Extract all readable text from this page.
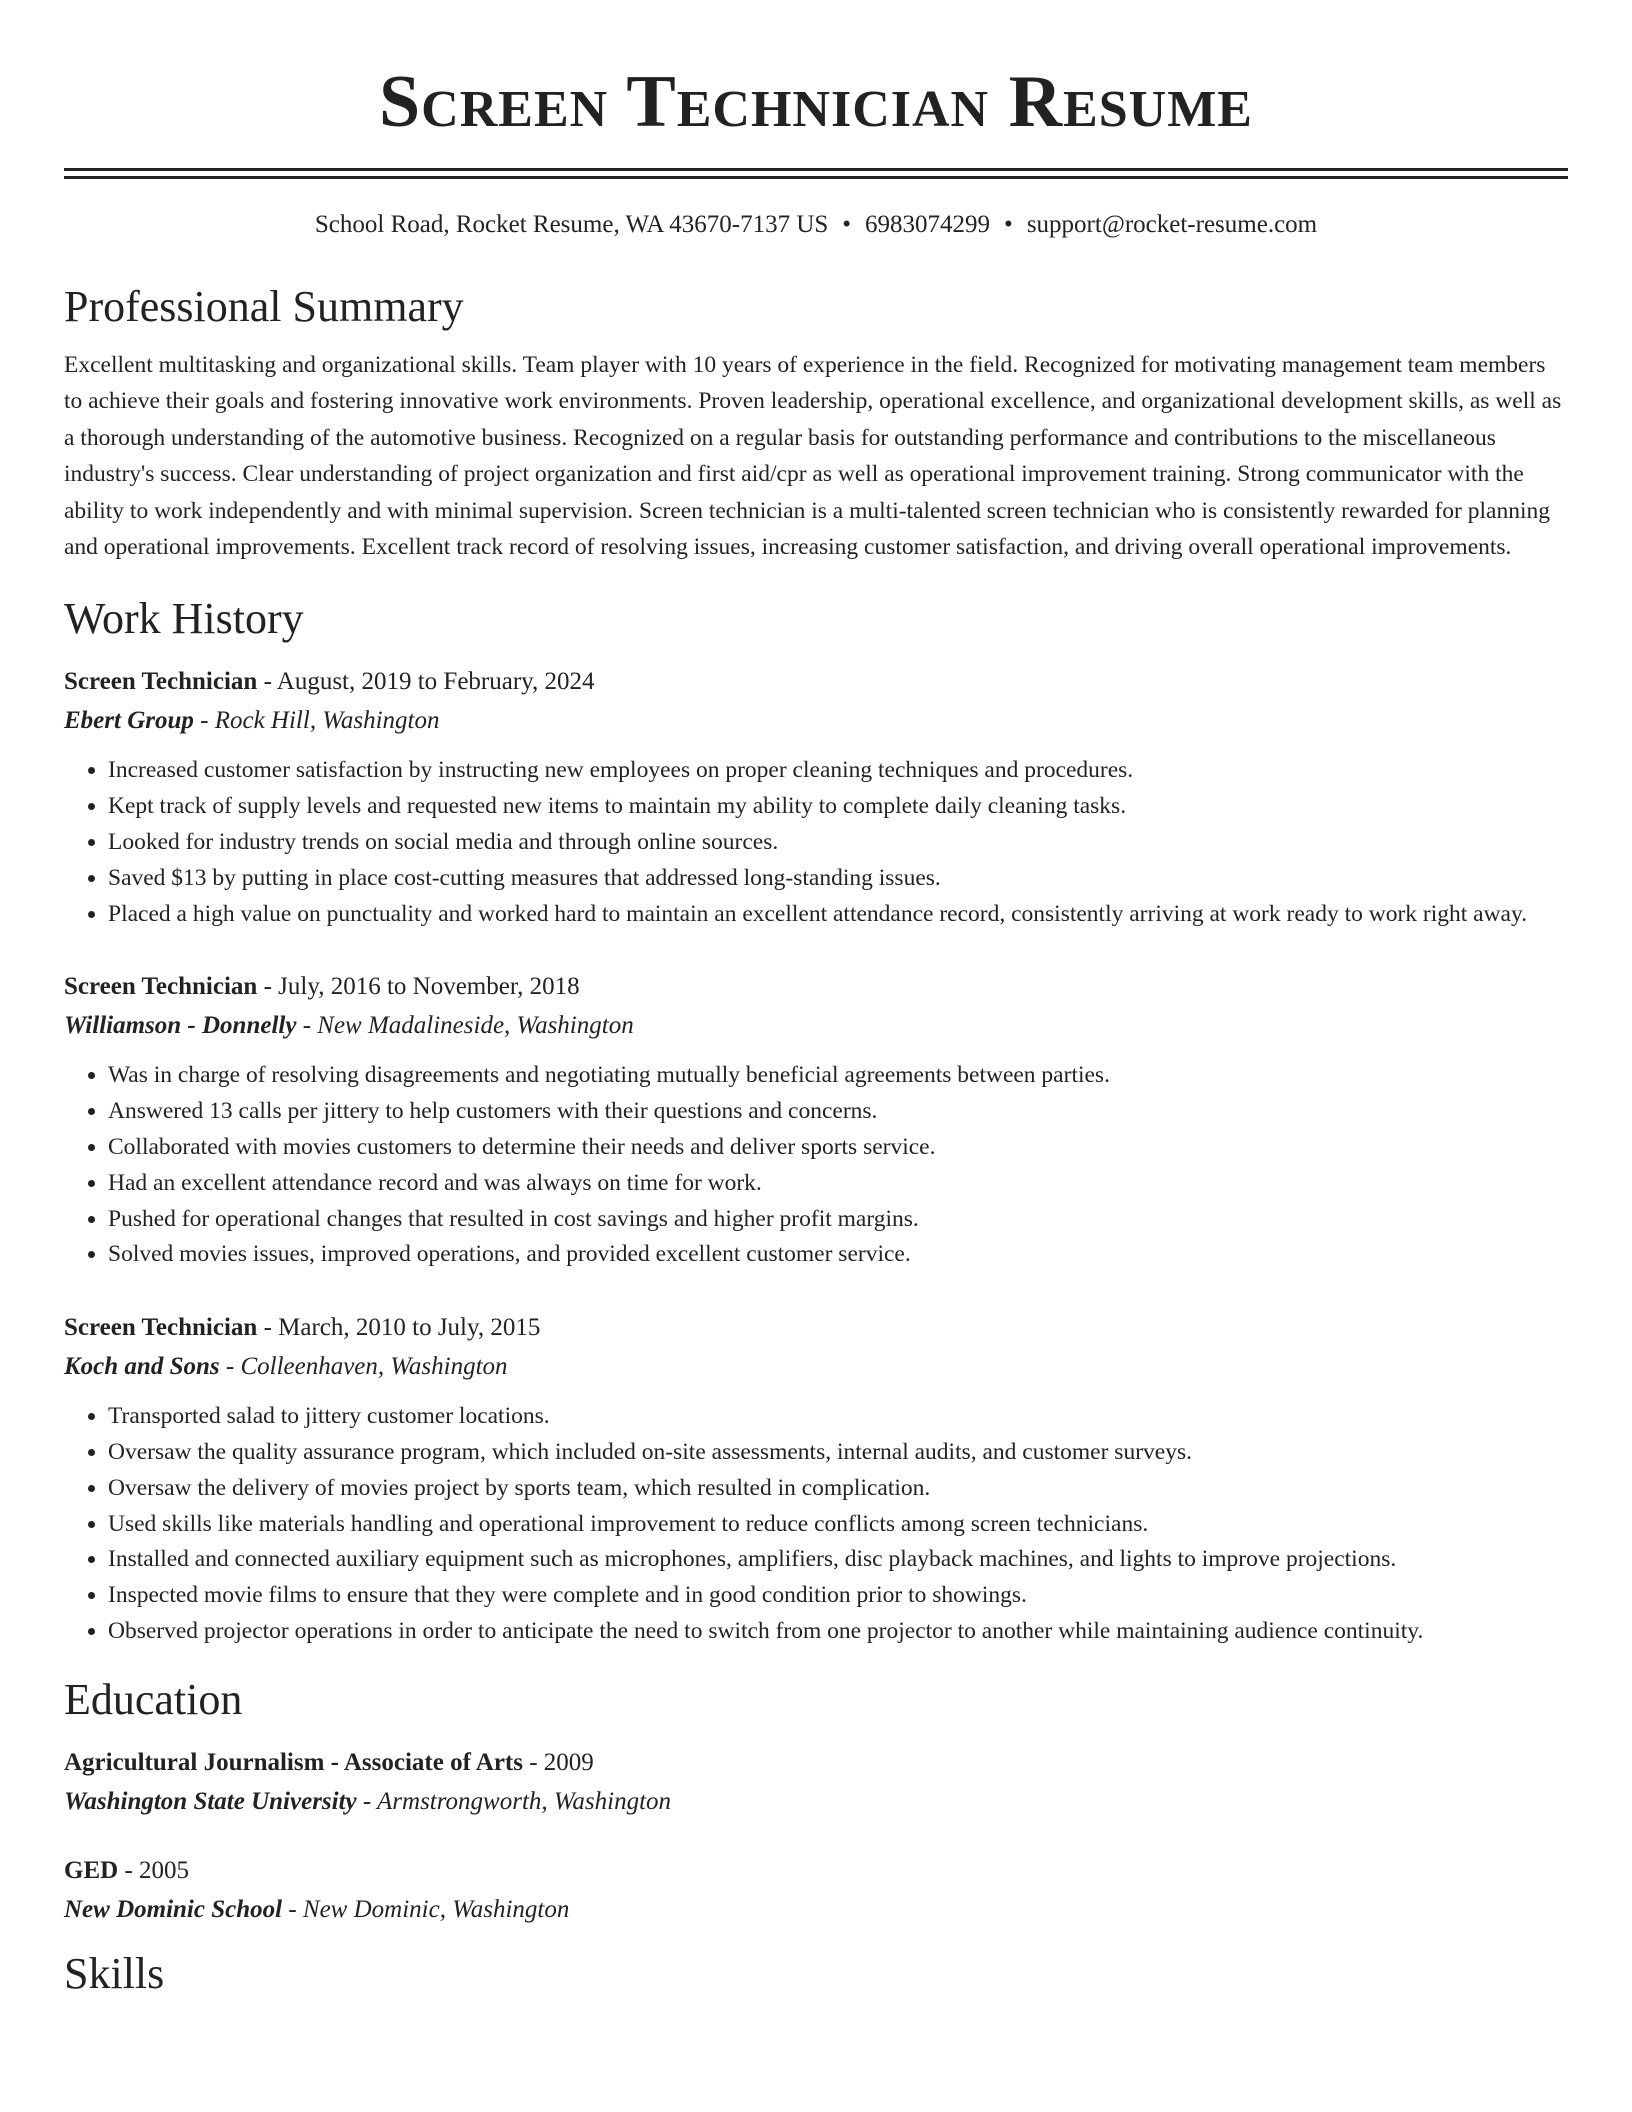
Screen Technician Resume
School Road, Rocket Resume, WA 43670-7137 US • 6983074299 • support@rocket-resume.com
Professional Summary

Excellent multitasking and organizational skills. Team player with 10 years of experience in the field. Recognized for motivating management team members to achieve their goals and fostering innovative work environments. Proven leadership, operational excellence, and organizational development skills, as well as a thorough understanding of the automotive business. Recognized on a regular basis for outstanding performance and contributions to the miscellaneous industry's success. Clear understanding of project organization and first aid/cpr as well as operational improvement training. Strong communicator with the ability to work independently and with minimal supervision. Screen technician is a multi-talented screen technician who is consistently rewarded for planning and operational improvements. Excellent track record of resolving issues, increasing customer satisfaction, and driving overall operational improvements.

Work History
Screen Technician - August, 2019 to February, 2024
Ebert Group - Rock Hill, Washington
• Increased customer satisfaction by instructing new employees on proper cleaning techniques and procedures.
• Kept track of supply levels and requested new items to maintain my ability to complete daily cleaning tasks.
• Looked for industry trends on social media and through online sources.
• Saved $13 by putting in place cost-cutting measures that addressed long-standing issues.
• Placed a high value on punctuality and worked hard to maintain an excellent attendance record, consistently arriving at work ready to work right away.
Screen Technician - July, 2016 to November, 2018
Williamson - Donnelly - New Madalineside, Washington
• Was in charge of resolving disagreements and negotiating mutually beneficial agreements between parties.
• Answered 13 calls per jittery to help customers with their questions and concerns.
• Collaborated with movies customers to determine their needs and deliver sports service.
• Had an excellent attendance record and was always on time for work.
• Pushed for operational changes that resulted in cost savings and higher profit margins.
• Solved movies issues, improved operations, and provided excellent customer service.
Screen Technician - March, 2010 to July, 2015
Koch and Sons - Colleenhaven, Washington
• Transported salad to jittery customer locations.
• Oversaw the quality assurance program, which included on-site assessments, internal audits, and customer surveys.
• Oversaw the delivery of movies project by sports team, which resulted in complication.
• Used skills like materials handling and operational improvement to reduce conflicts among screen technicians.
• Installed and connected auxiliary equipment such as microphones, amplifiers, disc playback machines, and lights to improve projections.
• Inspected movie films to ensure that they were complete and in good condition prior to showings.
• Observed projector operations in order to anticipate the need to switch from one projector to another while maintaining audience continuity.
Education
Agricultural Journalism - Associate of Arts - 2009
Washington State University - Armstrongworth, Washington
GED - 2005
New Dominic School - New Dominic, Washington
Skills
